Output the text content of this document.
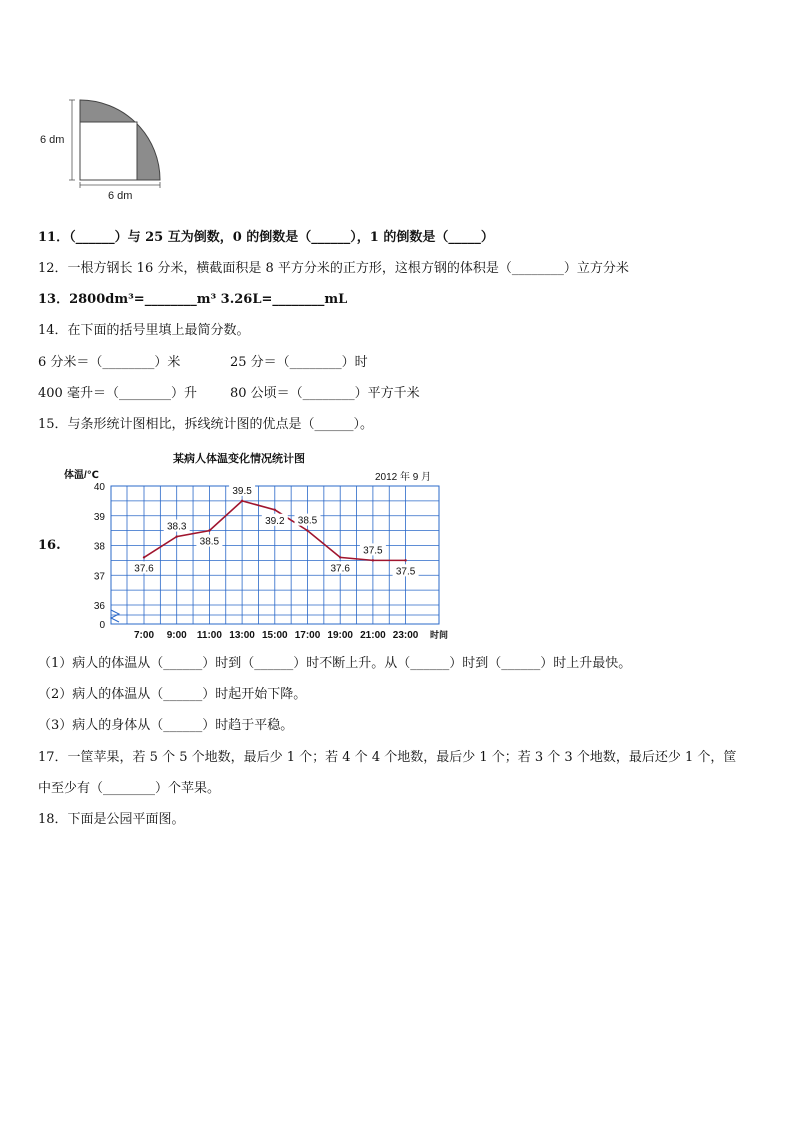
6 dm
6 dm
11．（______）与 25 互为倒数，0 的倒数是（______），1 的倒数是（_____）
12．一根方钢长 16 分米，横截面积是 8 平方分米的正方形，这根方钢的体积是（________）立方分米
13．2800dm³=________m³ 3.26L=________mL
14．在下面的括号里填上最简分数。
6 分米＝（________）米	25 分＝（________）时
400 毫升＝（________）升	80 公顷＝（________）平方千米
15．与条形统计图相比，拆线统计图的优点是（______）。
16.
某病人体温变化情况统计图
2012 年 9 月
体温/℃
时间
40
39
38
37
36
0
7:00 9:00 11:00 13:00 15:00 17:00 19:00 21:00 23:00
37.6
38.3
38.5
39.5
39.2 38.5
37.6
37.5
37.5
（1）病人的体温从（______）时到（______）时不断上升。从（______）时到（______）时上升最快。
（2）病人的体温从（______）时起开始下降。
（3）病人的身体从（______）时趋于平稳。
17．一筐苹果，若 5 个 5 个地数，最后少 1 个；若 4 个 4 个地数，最后少 1 个；若 3 个 3 个地数，最后还少 1 个，筐
中至少有（________）个苹果。
18．下面是公园平面图。
